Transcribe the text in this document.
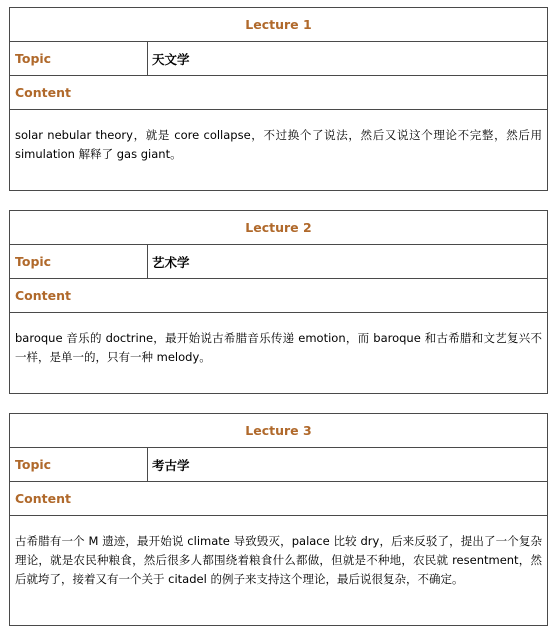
Lecture 1
Topic	天文学
Content
solar nebular theory，就是 core collapse，不过换个了说法，然后又说这个理论不完整，然后用 simulation 解释了 gas giant。
Lecture 2
Topic	艺术学
Content
baroque 音乐的 doctrine，最开始说古希腊音乐传递 emotion，而 baroque 和古希腊和文艺复兴不一样，是单一的，只有一种 melody。
Lecture 3
Topic	考古学
Content
古希腊有一个 M 遗迹，最开始说 climate 导致毁灭，palace 比较 dry，后来反驳了，提出了一个复杂理论，就是农民种粮食，然后很多人都围绕着粮食什么都做，但就是不种地，农民就 resentment，然后就垮了，接着又有一个关于 citadel 的例子来支持这个理论，最后说很复杂，不确定。
